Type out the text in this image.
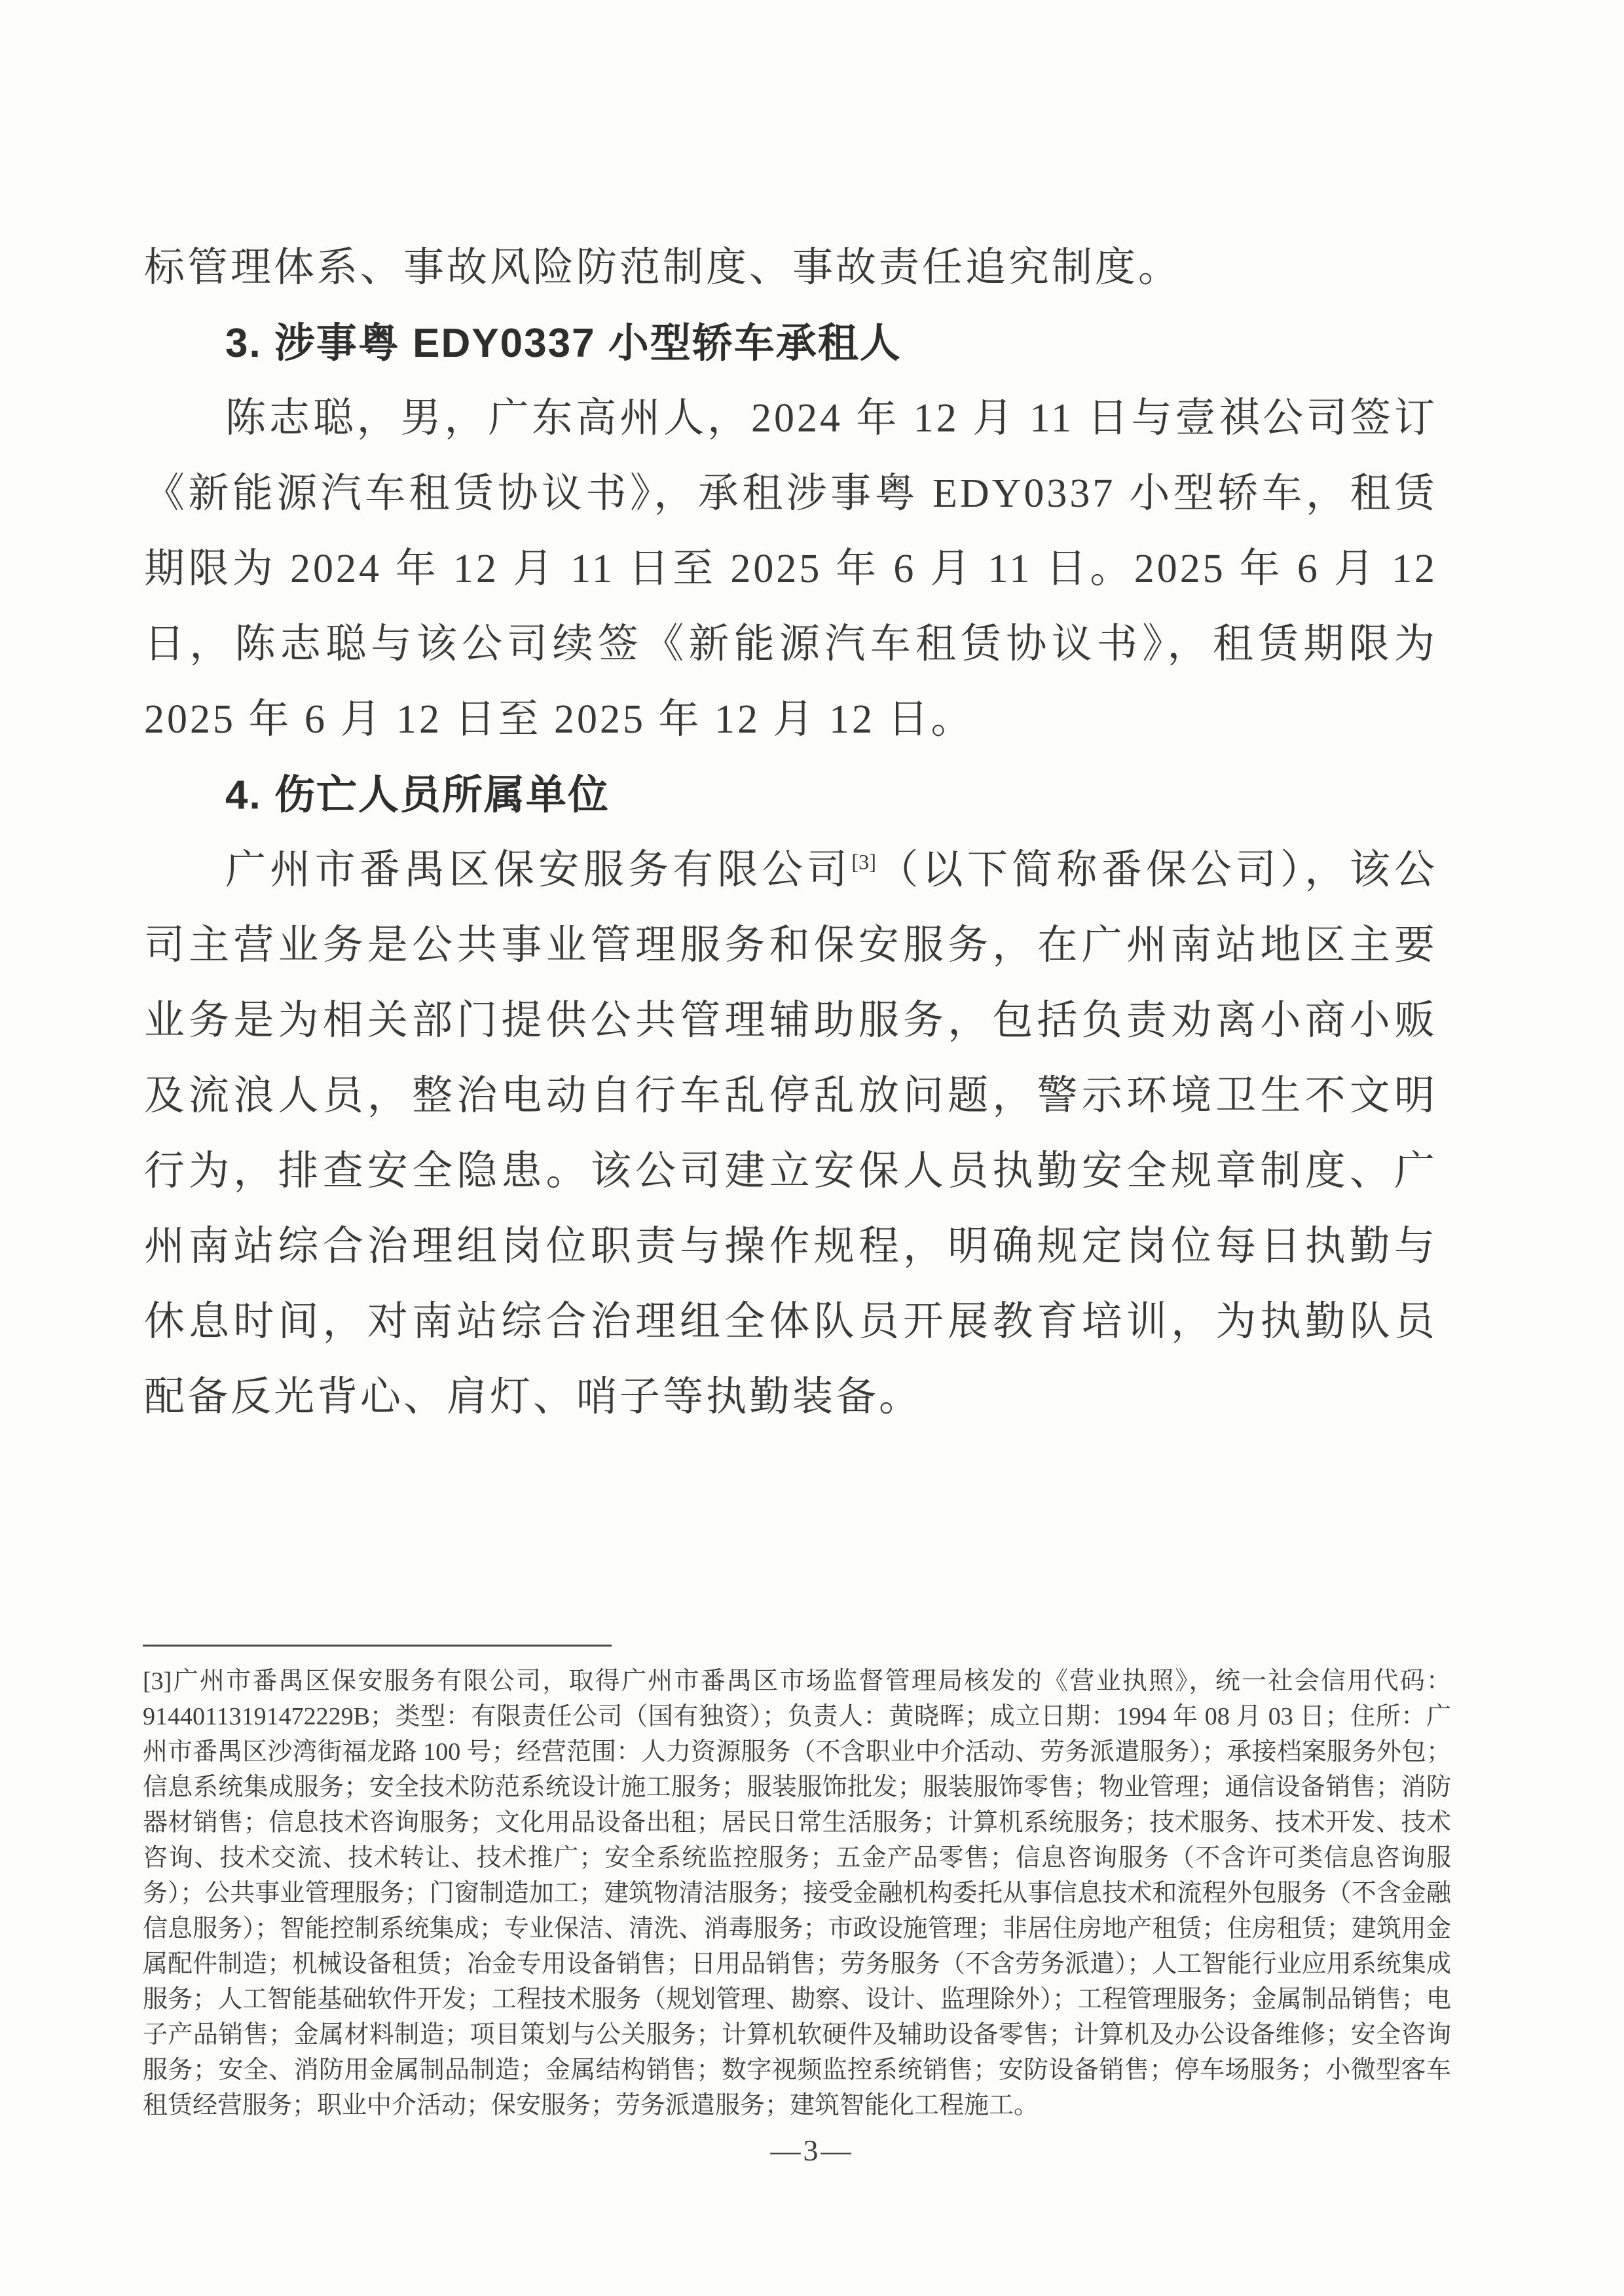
标管理体系、事故风险防范制度、事故责任追究制度。

3. 涉事粤 EDY0337 小型轿车承租人

陈志聪，男，广东高州人，2024 年 12 月 11 日与壹祺公司签订《新能源汽车租赁协议书》，承租涉事粤 EDY0337 小型轿车，租赁期限为 2024 年 12 月 11 日至 2025 年 6 月 11 日。2025 年 6 月 12 日，陈志聪与该公司续签《新能源汽车租赁协议书》，租赁期限为 2025 年 6 月 12 日至 2025 年 12 月 12 日。

4. 伤亡人员所属单位

广州市番禺区保安服务有限公司[3]（以下简称番保公司），该公司主营业务是公共事业管理服务和保安服务，在广州南站地区主要业务是为相关部门提供公共管理辅助服务，包括负责劝离小商小贩及流浪人员，整治电动自行车乱停乱放问题，警示环境卫生不文明行为，排查安全隐患。该公司建立安保人员执勤安全规章制度、广州南站综合治理组岗位职责与操作规程，明确规定岗位每日执勤与休息时间，对南站综合治理组全体队员开展教育培训，为执勤队员配备反光背心、肩灯、哨子等执勤装备。

[3]广州市番禺区保安服务有限公司，取得广州市番禺区市场监督管理局核发的《营业执照》，统一社会信用代码：91440113191472229B；类型：有限责任公司（国有独资）；负责人：黄晓晖；成立日期：1994 年 08 月 03 日；住所：广州市番禺区沙湾街福龙路 100 号；经营范围：人力资源服务（不含职业中介活动、劳务派遣服务）；承接档案服务外包；信息系统集成服务；安全技术防范系统设计施工服务；服装服饰批发；服装服饰零售；物业管理；通信设备销售；消防器材销售；信息技术咨询服务；文化用品设备出租；居民日常生活服务；计算机系统服务；技术服务、技术开发、技术咨询、技术交流、技术转让、技术推广；安全系统监控服务；五金产品零售；信息咨询服务（不含许可类信息咨询服务）；公共事业管理服务；门窗制造加工；建筑物清洁服务；接受金融机构委托从事信息技术和流程外包服务（不含金融信息服务）；智能控制系统集成；专业保洁、清洗、消毒服务；市政设施管理；非居住房地产租赁；住房租赁；建筑用金属配件制造；机械设备租赁；冶金专用设备销售；日用品销售；劳务服务（不含劳务派遣）；人工智能行业应用系统集成服务；人工智能基础软件开发；工程技术服务（规划管理、勘察、设计、监理除外）；工程管理服务；金属制品销售；电子产品销售；金属材料制造；项目策划与公关服务；计算机软硬件及辅助设备零售；计算机及办公设备维修；安全咨询服务；安全、消防用金属制品制造；金属结构销售；数字视频监控系统销售；安防设备销售；停车场服务；小微型客车租赁经营服务；职业中介活动；保安服务；劳务派遣服务；建筑智能化工程施工。

—3—
